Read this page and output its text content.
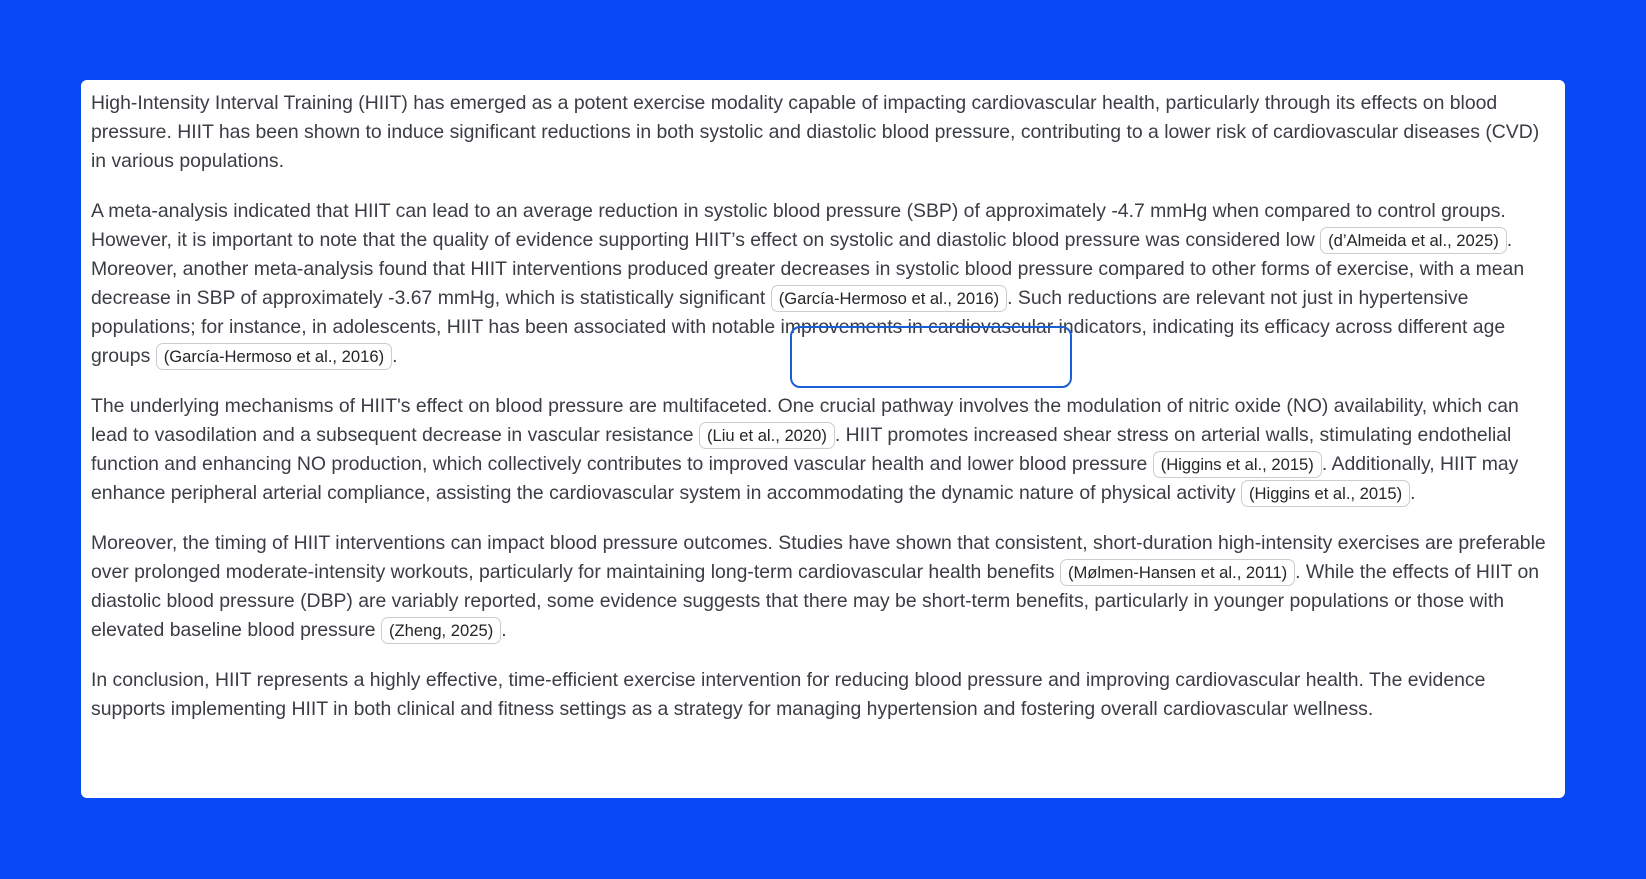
High-Intensity Interval Training (HIIT) has emerged as a potent exercise modality capable of impacting cardiovascular health, particularly through its effects on blood pressure. HIIT has been shown to induce significant reductions in both systolic and diastolic blood pressure, contributing to a lower risk of cardiovascular diseases (CVD) in various populations.

A meta-analysis indicated that HIIT can lead to an average reduction in systolic blood pressure (SBP) of approximately -4.7 mmHg when compared to control groups. However, it is important to note that the quality of evidence supporting HIIT’s effect on systolic and diastolic blood pressure was considered low (d’Almeida et al., 2025) . Moreover, another meta-analysis found that HIIT interventions produced greater decreases in systolic blood pressure compared to other forms of exercise, with a mean decrease in SBP of approximately -3.67 mmHg, which is statistically significant (García-Hermoso et al., 2016) . Such reductions are relevant not just in hypertensive populations; for instance, in adolescents, HIIT has been associated with notable improvements in cardiovascular indicators, indicating its efficacy across different age groups (García-Hermoso et al., 2016) .

The underlying mechanisms of HIIT's effect on blood pressure are multifaceted. One crucial pathway involves the modulation of nitric oxide (NO) availability, which can lead to vasodilation and a subsequent decrease in vascular resistance (Liu et al., 2020) . HIIT promotes increased shear stress on arterial walls, stimulating endothelial function and enhancing NO production, which collectively contributes to improved vascular health and lower blood pressure (Higgins et al., 2015) . Additionally, HIIT may enhance peripheral arterial compliance, assisting the cardiovascular system in accommodating the dynamic nature of physical activity (Higgins et al., 2015) .

Moreover, the timing of HIIT interventions can impact blood pressure outcomes. Studies have shown that consistent, short-duration high-intensity exercises are preferable over prolonged moderate-intensity workouts, particularly for maintaining long-term cardiovascular health benefits (Mølmen-Hansen et al., 2011) . While the effects of HIIT on diastolic blood pressure (DBP) are variably reported, some evidence suggests that there may be short-term benefits, particularly in younger populations or those with elevated baseline blood pressure (Zheng, 2025) .

In conclusion, HIIT represents a highly effective, time-efficient exercise intervention for reducing blood pressure and improving cardiovascular health. The evidence supports implementing HIIT in both clinical and fitness settings as a strategy for managing hypertension and fostering overall cardiovascular wellness.
